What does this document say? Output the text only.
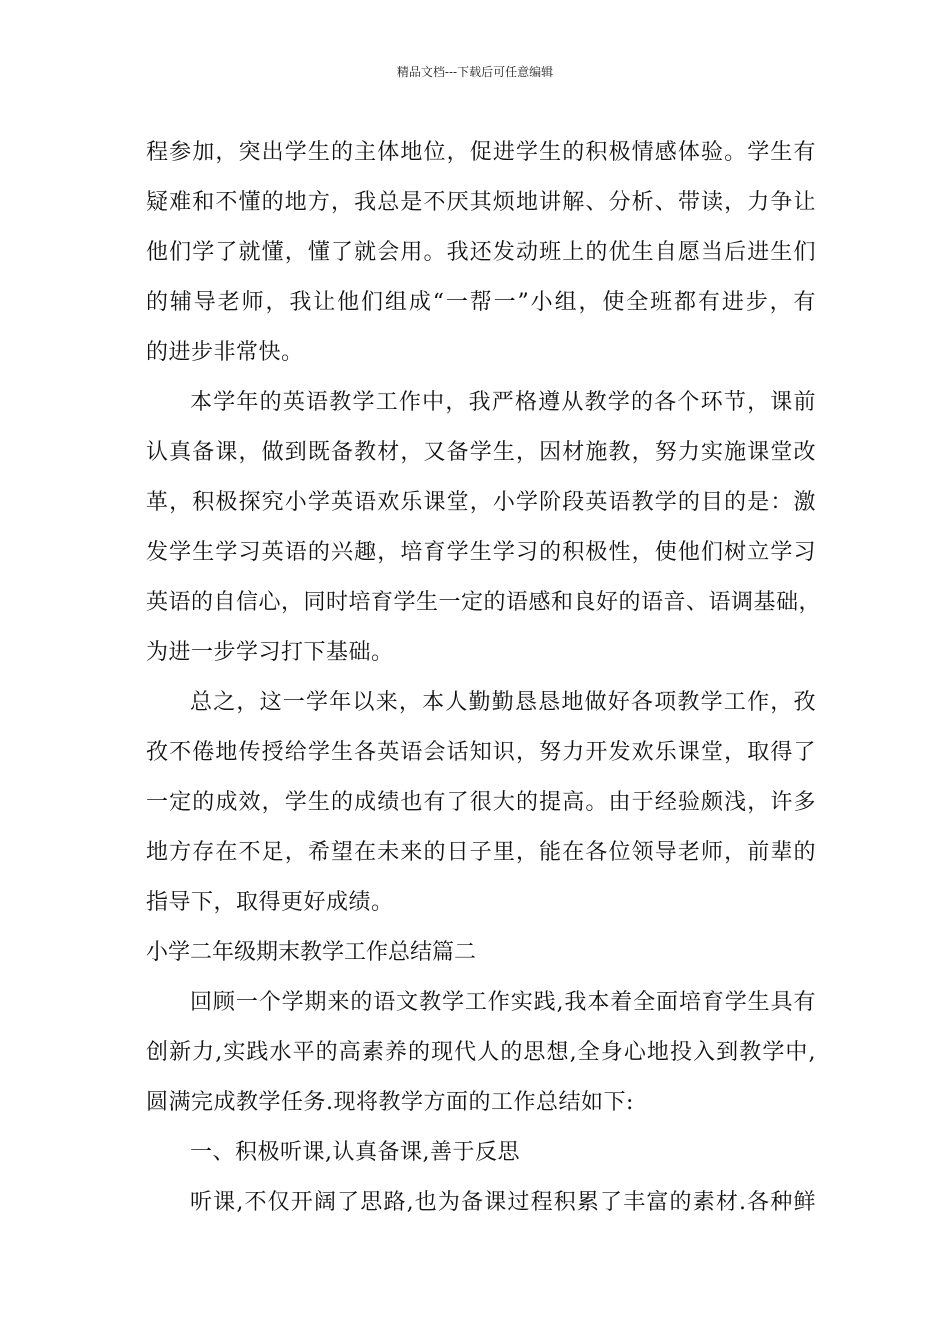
精品文档---下载后可任意编辑
程参加，突出学生的主体地位，促进学生的积极情感体验。学生有
疑难和不懂的地方，我总是不厌其烦地讲解、分析、带读，力争让
他们学了就懂，懂了就会用。我还发动班上的优生自愿当后进生们
的辅导老师，我让他们组成“一帮一”小组，使全班都有进步，有
的进步非常快。
本学年的英语教学工作中，我严格遵从教学的各个环节，课前
认真备课，做到既备教材，又备学生，因材施教，努力实施课堂改
革，积极探究小学英语欢乐课堂，小学阶段英语教学的目的是：激
发学生学习英语的兴趣，培育学生学习的积极性，使他们树立学习
英语的自信心，同时培育学生一定的语感和良好的语音、语调基础，
为进一步学习打下基础。
总之，这一学年以来，本人勤勤恳恳地做好各项教学工作，孜
孜不倦地传授给学生各英语会话知识，努力开发欢乐课堂，取得了
一定的成效，学生的成绩也有了很大的提高。由于经验颇浅，许多
地方存在不足，希望在未来的日子里，能在各位领导老师，前辈的
指导下，取得更好成绩。
小学二年级期末教学工作总结篇二
回顾一个学期来的语文教学工作实践,我本着全面培育学生具有
创新力,实践水平的高素养的现代人的思想,全身心地投入到教学中,
圆满完成教学任务.现将教学方面的工作总结如下:
一、积极听课,认真备课,善于反思
听课,不仅开阔了思路,也为备课过程积累了丰富的素材.各种鲜
